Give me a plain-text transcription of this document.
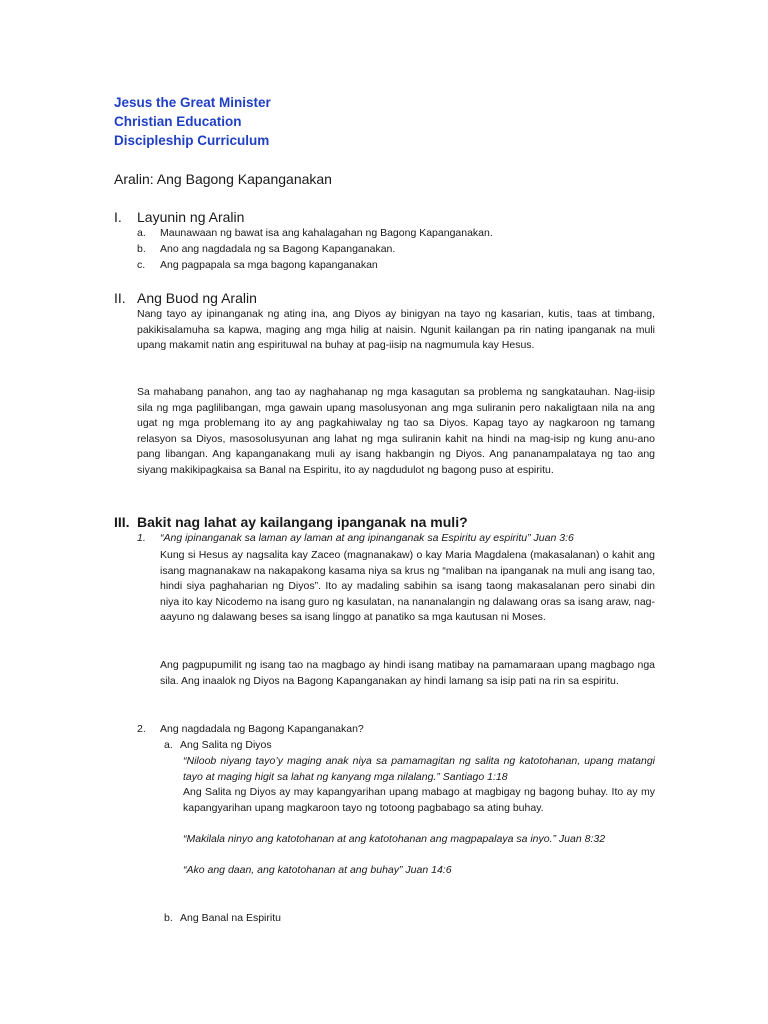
Jesus the Great Minister
Christian Education
Discipleship Curriculum
Aralin: Ang Bagong Kapanganakan
I. Layunin ng Aralin
a. Maunawaan ng bawat isa ang kahalagahan ng Bagong Kapanganakan.
b. Ano ang nagdadala ng sa Bagong Kapanganakan.
c. Ang pagpapala sa mga bagong kapanganakan
II. Ang Buod ng Aralin

Nang tayo ay ipinanganak ng ating ina, ang Diyos ay binigyan na tayo ng kasarian, kutis, taas at timbang, pakikisalamuha sa kapwa, maging ang mga hilig at naisin. Ngunit kailangan pa rin nating ipanganak na muli upang makamit natin ang espirituwal na buhay at pag-iisip na nagmumula kay Hesus.

Sa mahabang panahon, ang tao ay naghahanap ng mga kasagutan sa problema ng sangkatauhan. Nag-iisip sila ng mga paglilibangan, mga gawain upang masolusyonan ang mga suliranin pero nakaligtaan nila na ang ugat ng mga problemang ito ay ang pagkahiwalay ng tao sa Diyos. Kapag tayo ay nagkaroon ng tamang relasyon sa Diyos, masosolusyunan ang lahat ng mga suliranin kahit na hindi na mag-isip ng kung anu-ano pang libangan. Ang kapanganakang muli ay isang hakbangin ng Diyos. Ang pananampalataya ng tao ang siyang makikipagkaisa sa Banal na Espiritu, ito ay nagdudulot ng bagong puso at espiritu.

III. Bakit nag lahat ay kailangang ipanganak na muli?
1. “Ang ipinanganak sa laman ay laman at ang ipinanganak sa Espiritu ay espiritu” Juan 3:6

Kung si Hesus ay nagsalita kay Zaceo (magnanakaw) o kay Maria Magdalena (makasalanan) o kahit ang isang magnanakaw na nakapakong kasama niya sa krus ng “maliban na ipanganak na muli ang isang tao, hindi siya paghaharian ng Diyos”. Ito ay madaling sabihin sa isang taong makasalanan pero sinabi din niya ito kay Nicodemo na isang guro ng kasulatan, na nananalangin ng dalawang oras sa isang araw, nag-aayuno ng dalawang beses sa isang linggo at panatiko sa mga kautusan ni Moses.

Ang pagpupumilit ng isang tao na magbago ay hindi isang matibay na pamamaraan upang magbago nga sila. Ang inaalok ng Diyos na Bagong Kapanganakan ay hindi lamang sa isip pati na rin sa espiritu.

2. Ang nagdadala ng Bagong Kapanganakan?
a. Ang Salita ng Diyos

“Niloob niyang tayo’y maging anak niya sa pamamagitan ng salita ng katotohanan, upang matangi tayo at maging higit sa lahat ng kanyang mga nilalang.” Santiago 1:18

Ang Salita ng Diyos ay may kapangyarihan upang mabago at magbigay ng bagong buhay. Ito ay my kapangyarihan upang magkaroon tayo ng totoong pagbabago sa ating buhay.

“Makilala ninyo ang katotohanan at ang katotohanan ang magpapalaya sa inyo.” Juan 8:32
“Ako ang daan, ang katotohanan at ang buhay” Juan 14:6
b. Ang Banal na Espiritu
